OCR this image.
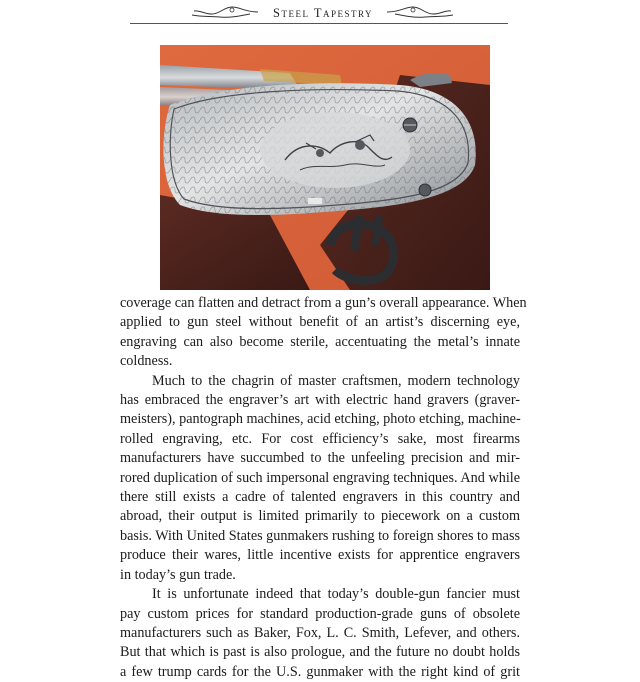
Steel Tapestry

coverage can flatten and detract from a gun’s overall appearance. When
applied to gun steel without benefit of an artist’s discerning eye,
engraving can also become sterile, accentuating the metal’s innate
coldness.

Much to the chagrin of master craftsmen, modern technology
has embraced the engraver’s art with electric hand gravers (graver-
meisters), pantograph machines, acid etching, photo etching, machine-
rolled engraving, etc. For cost efficiency’s sake, most firearms
manufacturers have succumbed to the unfeeling precision and mir-
rored duplication of such impersonal engraving techniques. And while
there still exists a cadre of talented engravers in this country and
abroad, their output is limited primarily to piecework on a custom
basis. With United States gunmakers rushing to foreign shores to mass
produce their wares, little incentive exists for apprentice engravers
in today’s gun trade.

It is unfortunate indeed that today’s double-gun fancier must
pay custom prices for standard production-grade guns of obsolete
manufacturers such as Baker, Fox, L. C. Smith, Lefever, and others.
But that which is past is also prologue, and the future no doubt holds
a few trump cards for the U.S. gunmaker with the right kind of grit
